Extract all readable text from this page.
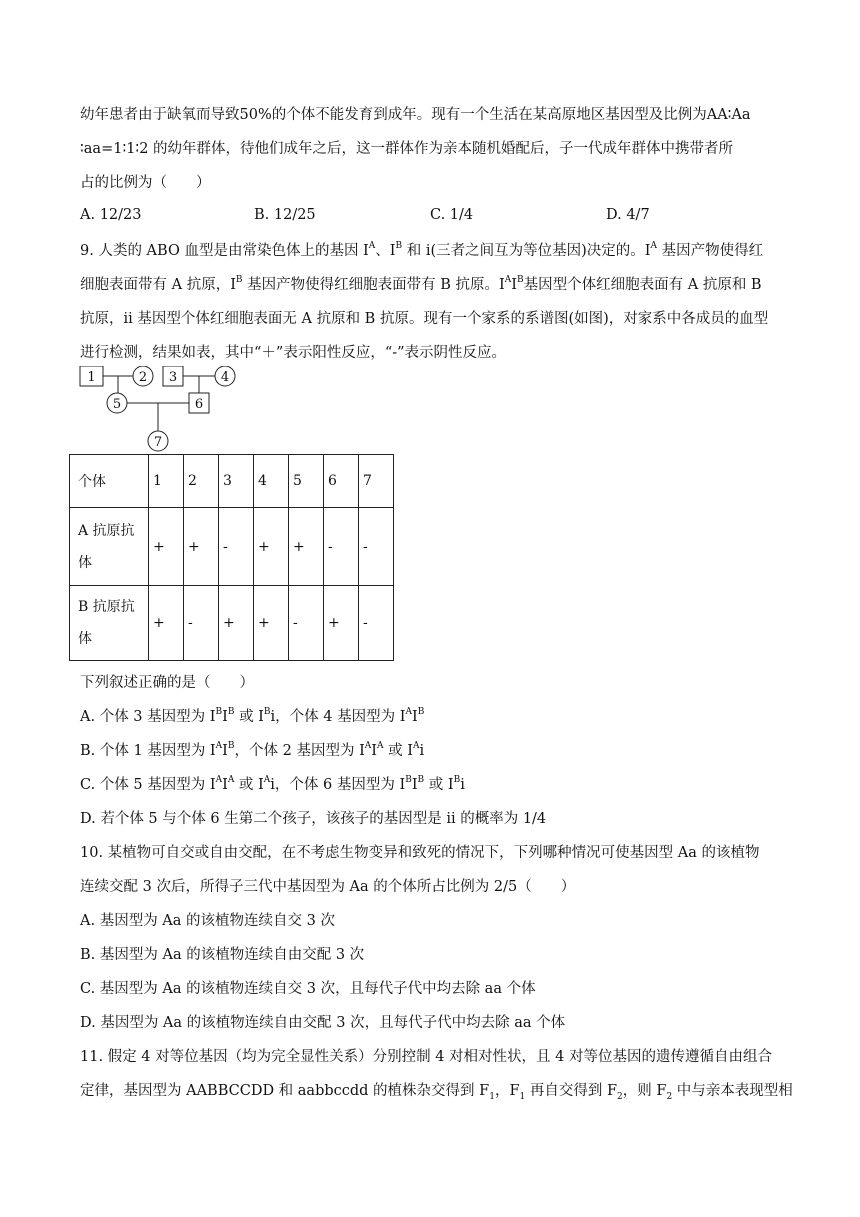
幼年患者由于缺氧而导致50%的个体不能发育到成年。现有一个生活在某高原地区基因型及比例为AA∶Aa
∶aa=1∶1∶2 的幼年群体，待他们成年之后，这一群体作为亲本随机婚配后，子一代成年群体中携带者所
占的比例为（　　）
A. 12/23	B. 12/25	C. 1/4	D. 4/7
9. 人类的 ABO 血型是由常染色体上的基因 $I^A$、$I^B$ 和 i(三者之间互为等位基因)决定的。$I^A$ 基因产物使得红
细胞表面带有 A 抗原，$I^B$ 基因产物使得红细胞表面带有 B 抗原。$I^AI^B$基因型个体红细胞表面有 A 抗原和 B
抗原，ii 基因型个体红细胞表面无 A 抗原和 B 抗原。现有一个家系的系谱图(如图)，对家系中各成员的血型
进行检测，结果如表，其中“＋”表示阳性反应，“-”表示阴性反应。
1	2 3	4
5	6
7
个体	1	2	3	4	5	6	7
A 抗原抗
体	+	+	-	+	+	-	-
B 抗原抗
体	+	-	+	+	-	+	-
下列叙述正确的是（　　）
A. 个体 3 基因型为 $I^BI^B$ 或 $I^Bi$，个体 4 基因型为 $I^AI^B$
B. 个体 1 基因型为 $I^AI^B$，个体 2 基因型为 $I^AI^A$ 或 $I^Ai$
C. 个体 5 基因型为 $I^AI^A$ 或 $I^Ai$，个体 6 基因型为 $I^BI^B$ 或 $I^Bi$
D. 若个体 5 与个体 6 生第二个孩子，该孩子的基因型是 ii 的概率为 1/4
10. 某植物可自交或自由交配，在不考虑生物变异和致死的情况下，下列哪种情况可使基因型 Aa 的该植物
连续交配 3 次后，所得子三代中基因型为 Aa 的个体所占比例为 2/5（　　）
A. 基因型为 Aa 的该植物连续自交 3 次
B. 基因型为 Aa 的该植物连续自由交配 3 次
C. 基因型为 Aa 的该植物连续自交 3 次，且每代子代中均去除 aa 个体
D. 基因型为 Aa 的该植物连续自由交配 3 次，且每代子代中均去除 aa 个体
11. 假定 4 对等位基因（均为完全显性关系）分别控制 4 对相对性状，且 4 对等位基因的遗传遵循自由组合
定律，基因型为 AABBCCDD 和 aabbccdd 的植株杂交得到 $F_1$，$F_1$ 再自交得到 $F_2$，则 $F_2$ 中与亲本表现型相
